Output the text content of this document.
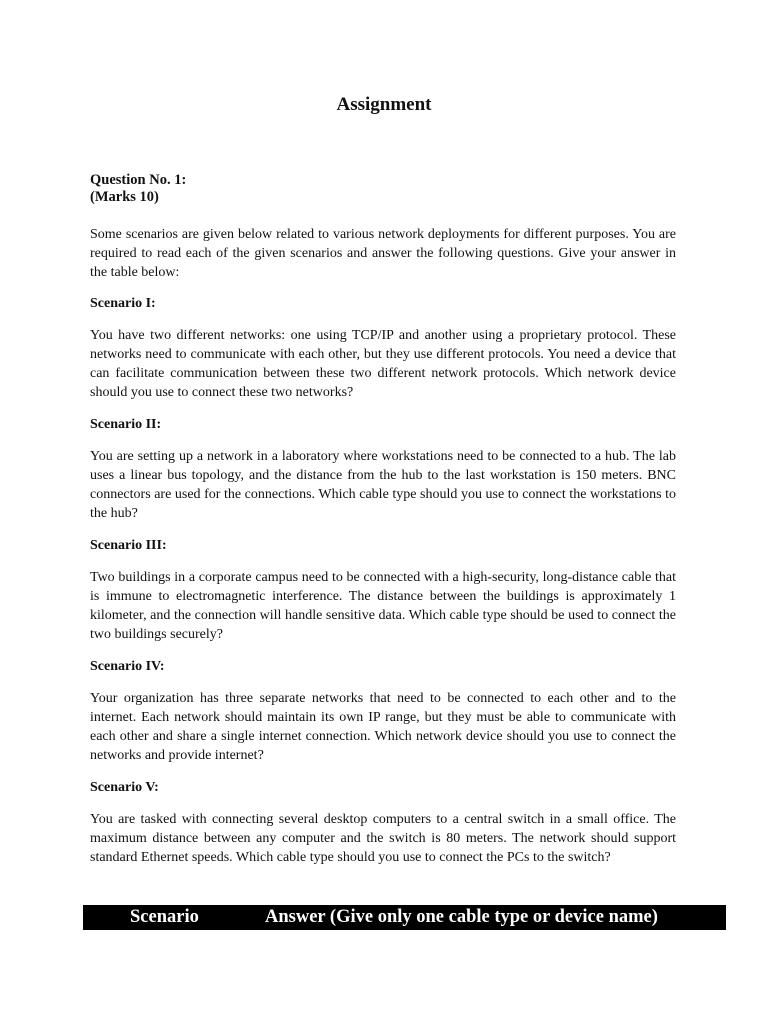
Assignment

Question No. 1:

(Marks 10)

Some scenarios are given below related to various network deployments for different purposes. You are required to read each of the given scenarios and answer the following questions. Give your answer in the table below:

Scenario I:

You have two different networks: one using TCP/IP and another using a proprietary protocol. These networks need to communicate with each other, but they use different protocols. You need a device that can facilitate communication between these two different network protocols. Which network device should you use to connect these two networks?

Scenario II:

You are setting up a network in a laboratory where workstations need to be connected to a hub. The lab uses a linear bus topology, and the distance from the hub to the last workstation is 150 meters. BNC connectors are used for the connections. Which cable type should you use to connect the workstations to the hub?

Scenario III:

Two buildings in a corporate campus need to be connected with a high-security, long-distance cable that is immune to electromagnetic interference. The distance between the buildings is approximately 1 kilometer, and the connection will handle sensitive data. Which cable type should be used to connect the two buildings securely?

Scenario IV:

Your organization has three separate networks that need to be connected to each other and to the internet. Each network should maintain its own IP range, but they must be able to communicate with each other and share a single internet connection. Which network device should you use to connect the networks and provide internet?

Scenario V:

You are tasked with connecting several desktop computers to a central switch in a small office. The maximum distance between any computer and the switch is 80 meters. The network should support standard Ethernet speeds. Which cable type should you use to connect the PCs to the switch?

Scenario	Answer (Give only one cable type or device name)
